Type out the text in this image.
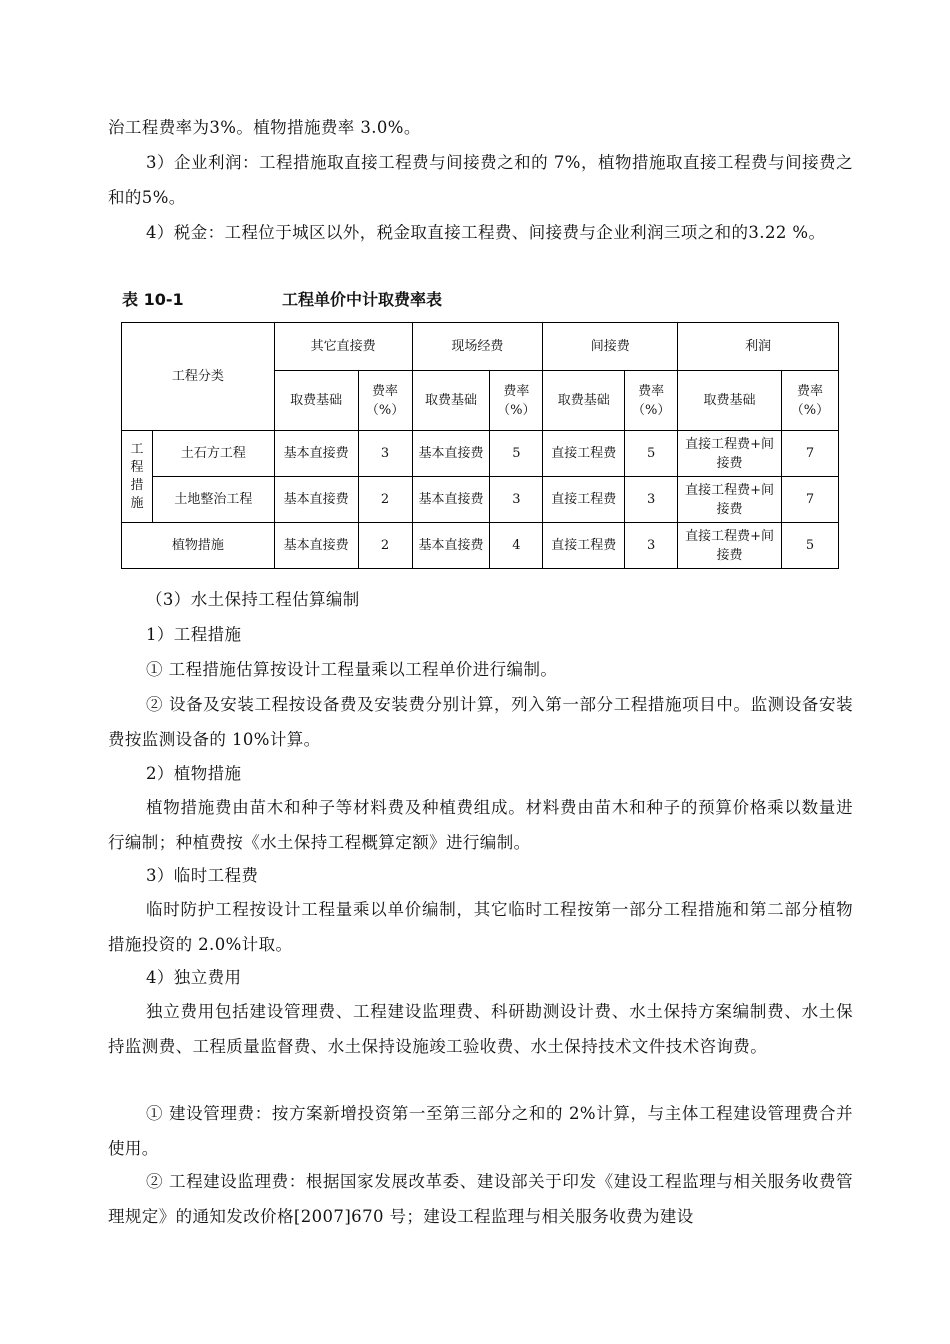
治工程费率为3%。植物措施费率 3.0%。

3）企业利润：工程措施取直接工程费与间接费之和的 7%，植物措施取直接工程费与间接费之和的5%。

4）税金：工程位于城区以外，税金取直接工程费、间接费与企业利润三项之和的3.22 %。

表 10-1	工程单价中计取费率表
工程分类		其它直接费		现场经费		间接费		利润	
		取费基础	费率（%）	取费基础	费率（%）	取费基础	费率（%）	取费基础	费率（%）

工
程
措
施	土石方工程	基本直接费	3	基本直接费	5	直接工程费	5	直接工程费+间接费	7
	土地整治工程	基本直接费	2	基本直接费	3	直接工程费	3	直接工程费+间接费	7
植物措施		基本直接费	2	基本直接费	4	直接工程费	3	直接工程费+间接费	5

（3）水土保持工程估算编制

1）工程措施

① 工程措施估算按设计工程量乘以工程单价进行编制。

② 设备及安装工程按设备费及安装费分别计算，列入第一部分工程措施项目中。监测设备安装费按监测设备的 10%计算。

2）植物措施

植物措施费由苗木和种子等材料费及种植费组成。材料费由苗木和种子的预算价格乘以数量进行编制；种植费按《水土保持工程概算定额》进行编制。

3）临时工程费

临时防护工程按设计工程量乘以单价编制，其它临时工程按第一部分工程措施和第二部分植物措施投资的 2.0%计取。

4）独立费用

独立费用包括建设管理费、工程建设监理费、科研勘测设计费、水土保持方案编制费、水土保持监测费、工程质量监督费、水土保持设施竣工验收费、水土保持技术文件技术咨询费。

① 建设管理费：按方案新增投资第一至第三部分之和的 2%计算，与主体工程建设管理费合并使用。

② 工程建设监理费：根据国家发展改革委、建设部关于印发《建设工程监理与相关服务收费管理规定》的通知发改价格[2007]670 号；建设工程监理与相关服务收费为建设
